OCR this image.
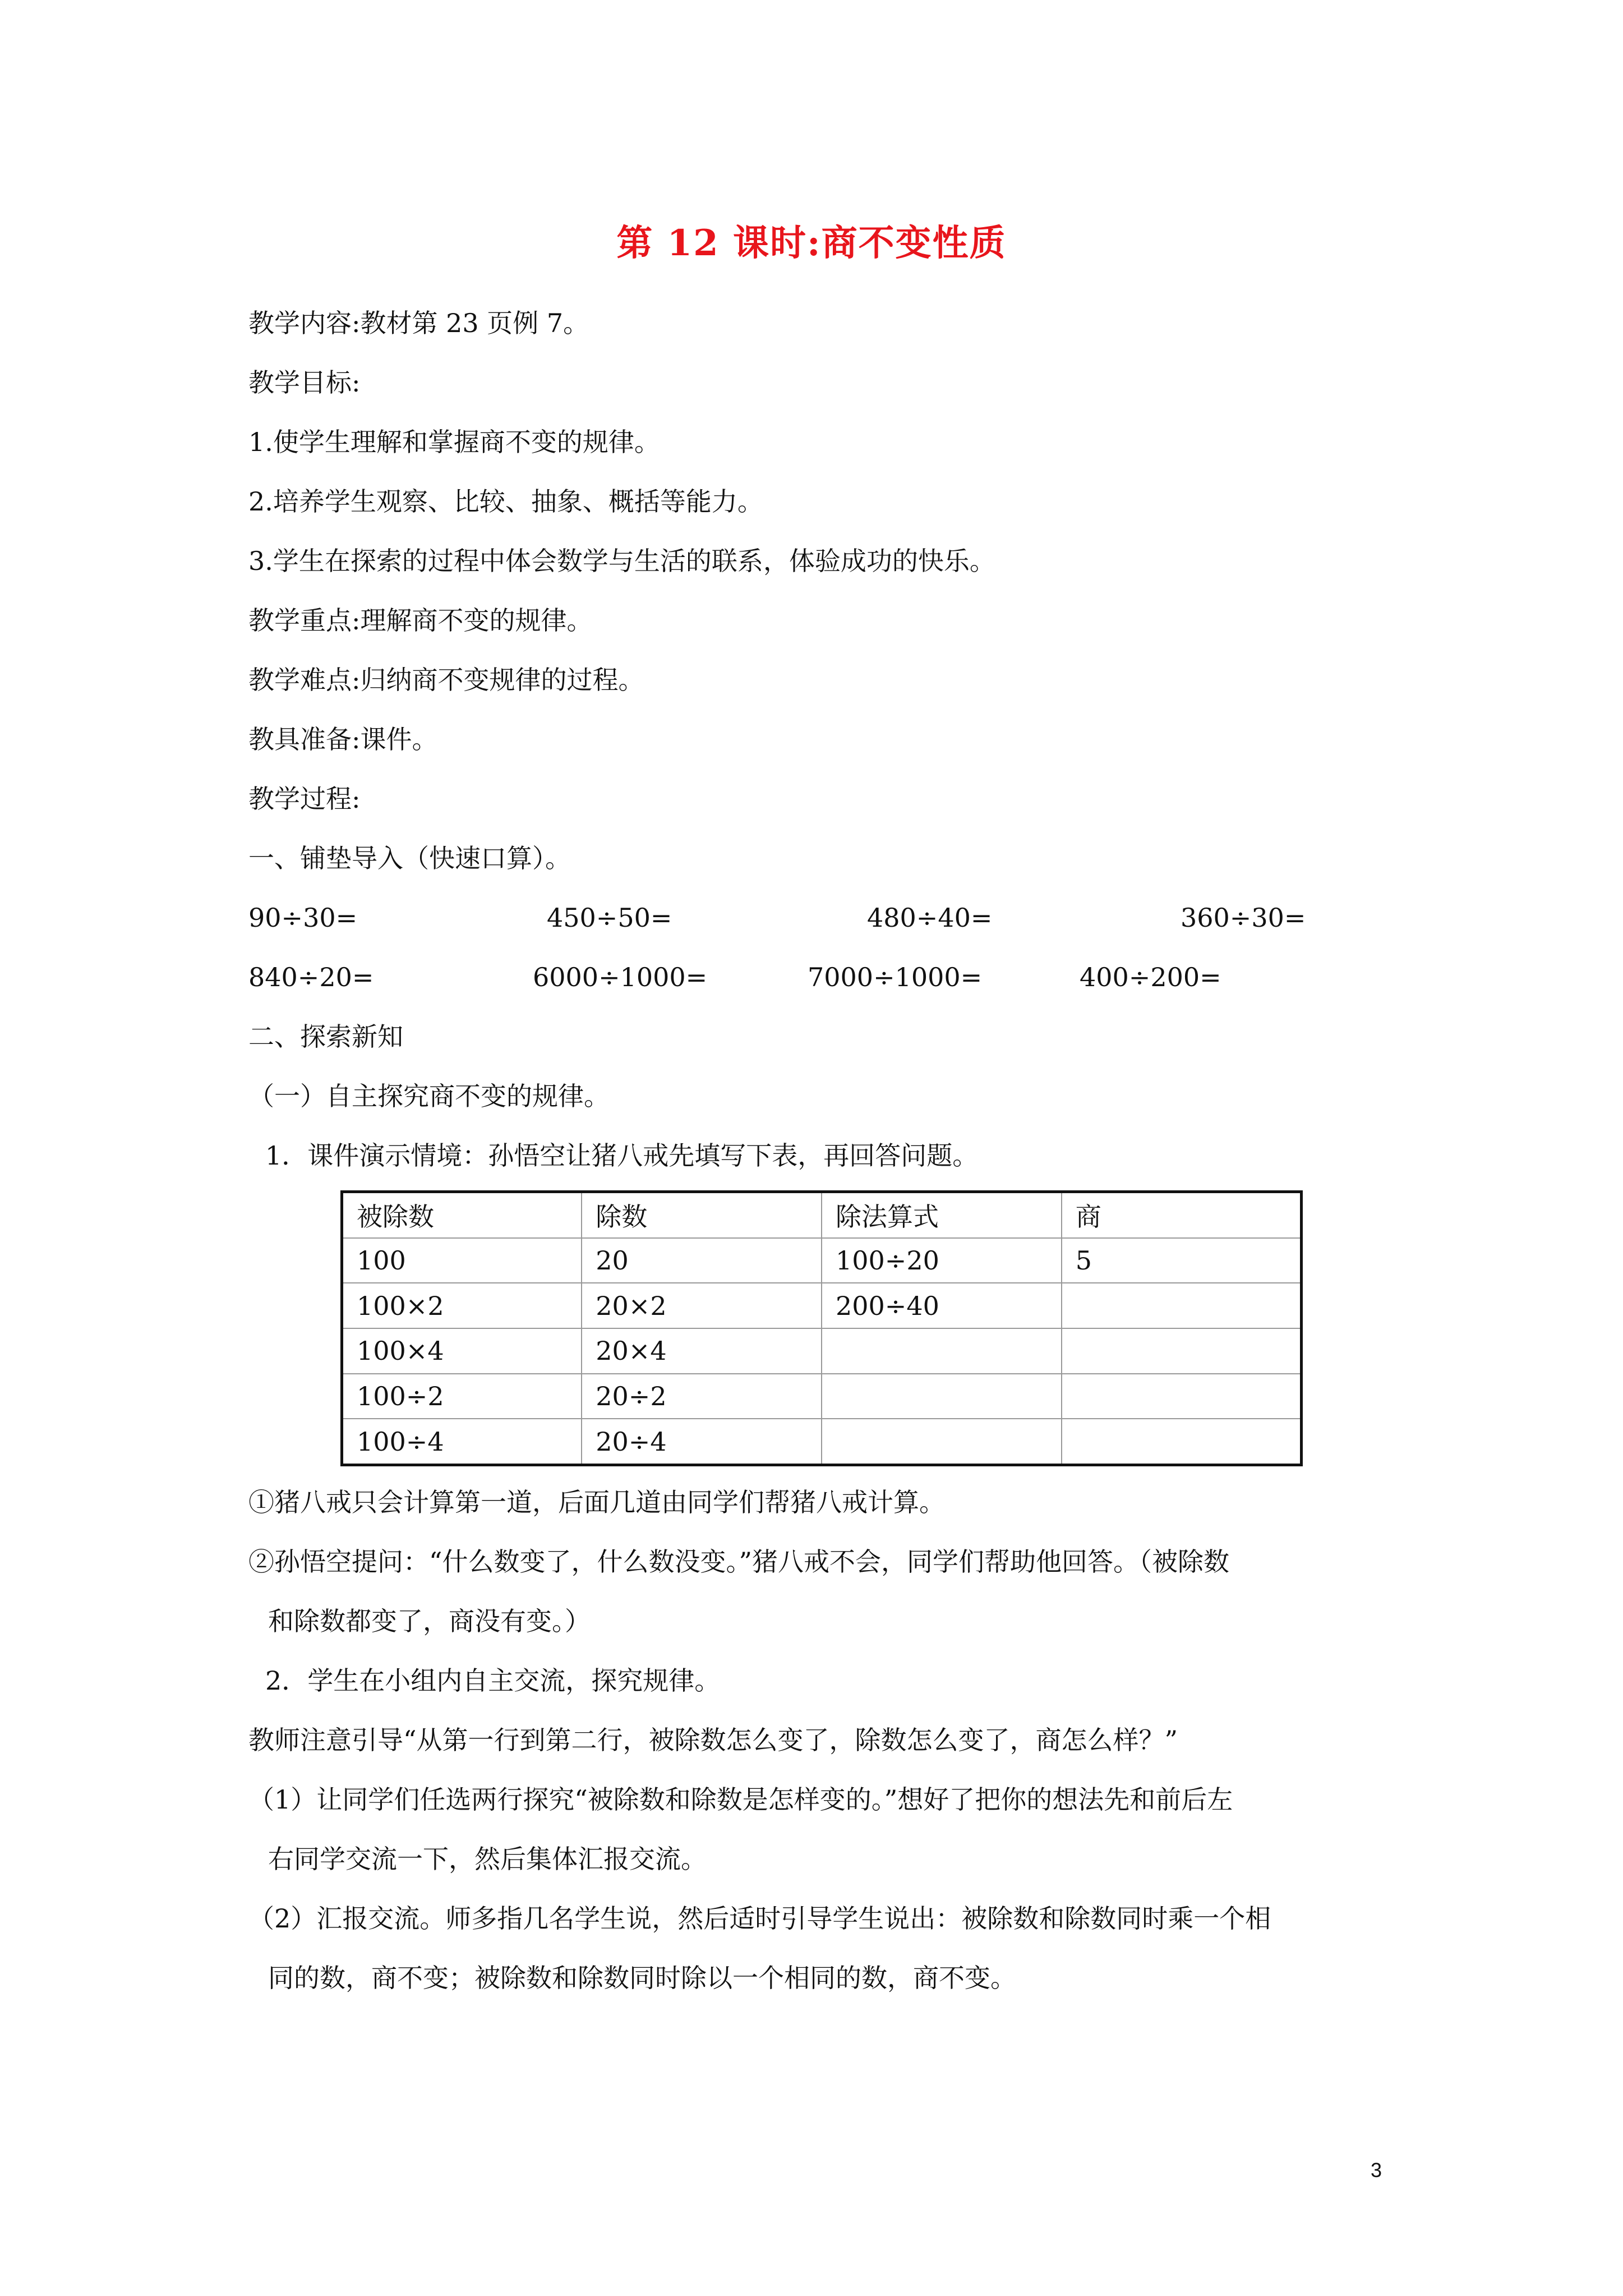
第 12 课时:商不变性质
教学内容:教材第 23 页例 7。
教学目标:
1.使学生理解和掌握商不变的规律。
2.培养学生观察、比较、抽象、概括等能力。
3.学生在探索的过程中体会数学与生活的联系，体验成功的快乐。
教学重点:理解商不变的规律。
教学难点:归纳商不变规律的过程。
教具准备:课件。
教学过程:
一、铺垫导入（快速口算）。
90÷30=	450÷50=	480÷40=	360÷30=
840÷20=	6000÷1000=	7000÷1000=	400÷200=
二、探索新知
（一）自主探究商不变的规律。
1．课件演示情境：孙悟空让猪八戒先填写下表，再回答问题。
被除数	除数	除法算式	商
100	20	100÷20	5
100×2	20×2	200÷40	
100×4	20×4		
100÷2	20÷2		
100÷4	20÷4		
①猪八戒只会计算第一道，后面几道由同学们帮猪八戒计算。
②孙悟空提问：“什么数变了，什么数没变。”猪八戒不会，同学们帮助他回答。（被除数
和除数都变了，商没有变。）
2．学生在小组内自主交流，探究规律。
教师注意引导“从第一行到第二行，被除数怎么变了，除数怎么变了，商怎么样？”
（1）让同学们任选两行探究“被除数和除数是怎样变的。”想好了把你的想法先和前后左
右同学交流一下，然后集体汇报交流。
（2）汇报交流。师多指几名学生说，然后适时引导学生说出：被除数和除数同时乘一个相
同的数，商不变；被除数和除数同时除以一个相同的数，商不变。
3
